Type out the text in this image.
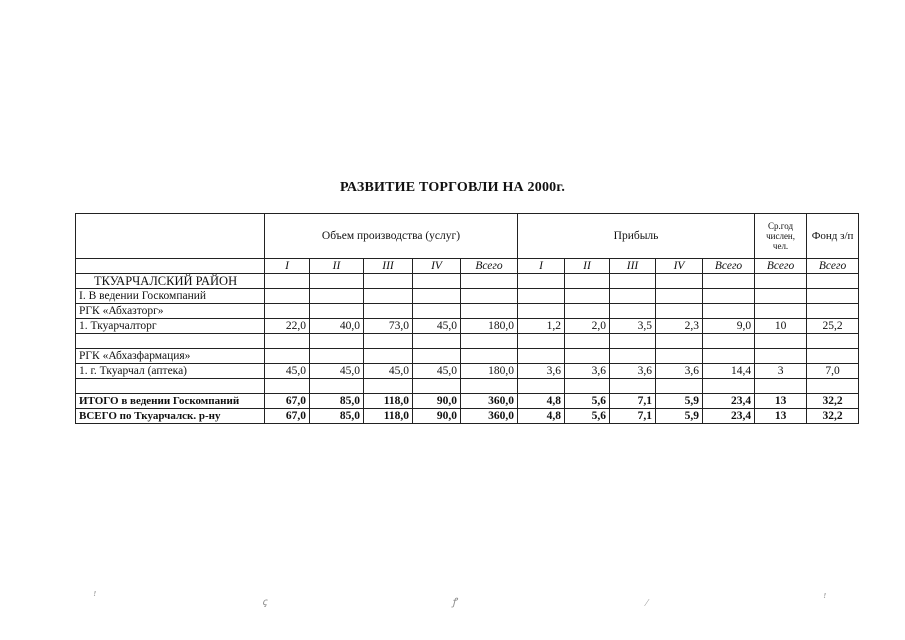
РАЗВИТИЕ ТОРГОВЛИ НА 2000г.
	Объем производства (услуг)					Прибыль					Ср.год числен, чел.	Фонд з/п
	I	II	III	IV	Всего	I	II	III	IV	Всего	Всего	Всего
ТКУАРЧАЛСКИЙ РАЙОН												
I. В ведении Госкомпаний												
РГК «Абхазторг»												
1. Ткуарчалторг	22,0	40,0	73,0	45,0	180,0	1,2	2,0	3,5	2,3	9,0	10	25,2

РГК «Абхазфармация»												
1. г. Ткуарчал (аптека)	45,0	45,0	45,0	45,0	180,0	3,6	3,6	3,6	3,6	14,4	3	7,0

ИТОГО в ведении Госкомпаний	67,0	85,0	118,0	90,0	360,0	4,8	5,6	7,1	5,9	23,4	13	32,2
ВСЕГО по Ткуарчалск. р-ну	67,0	85,0	118,0	90,0	360,0	4,8	5,6	7,1	5,9	23,4	13	32,2
ꜝ	ꞔ	ꝭ	⁄	ꜝ
